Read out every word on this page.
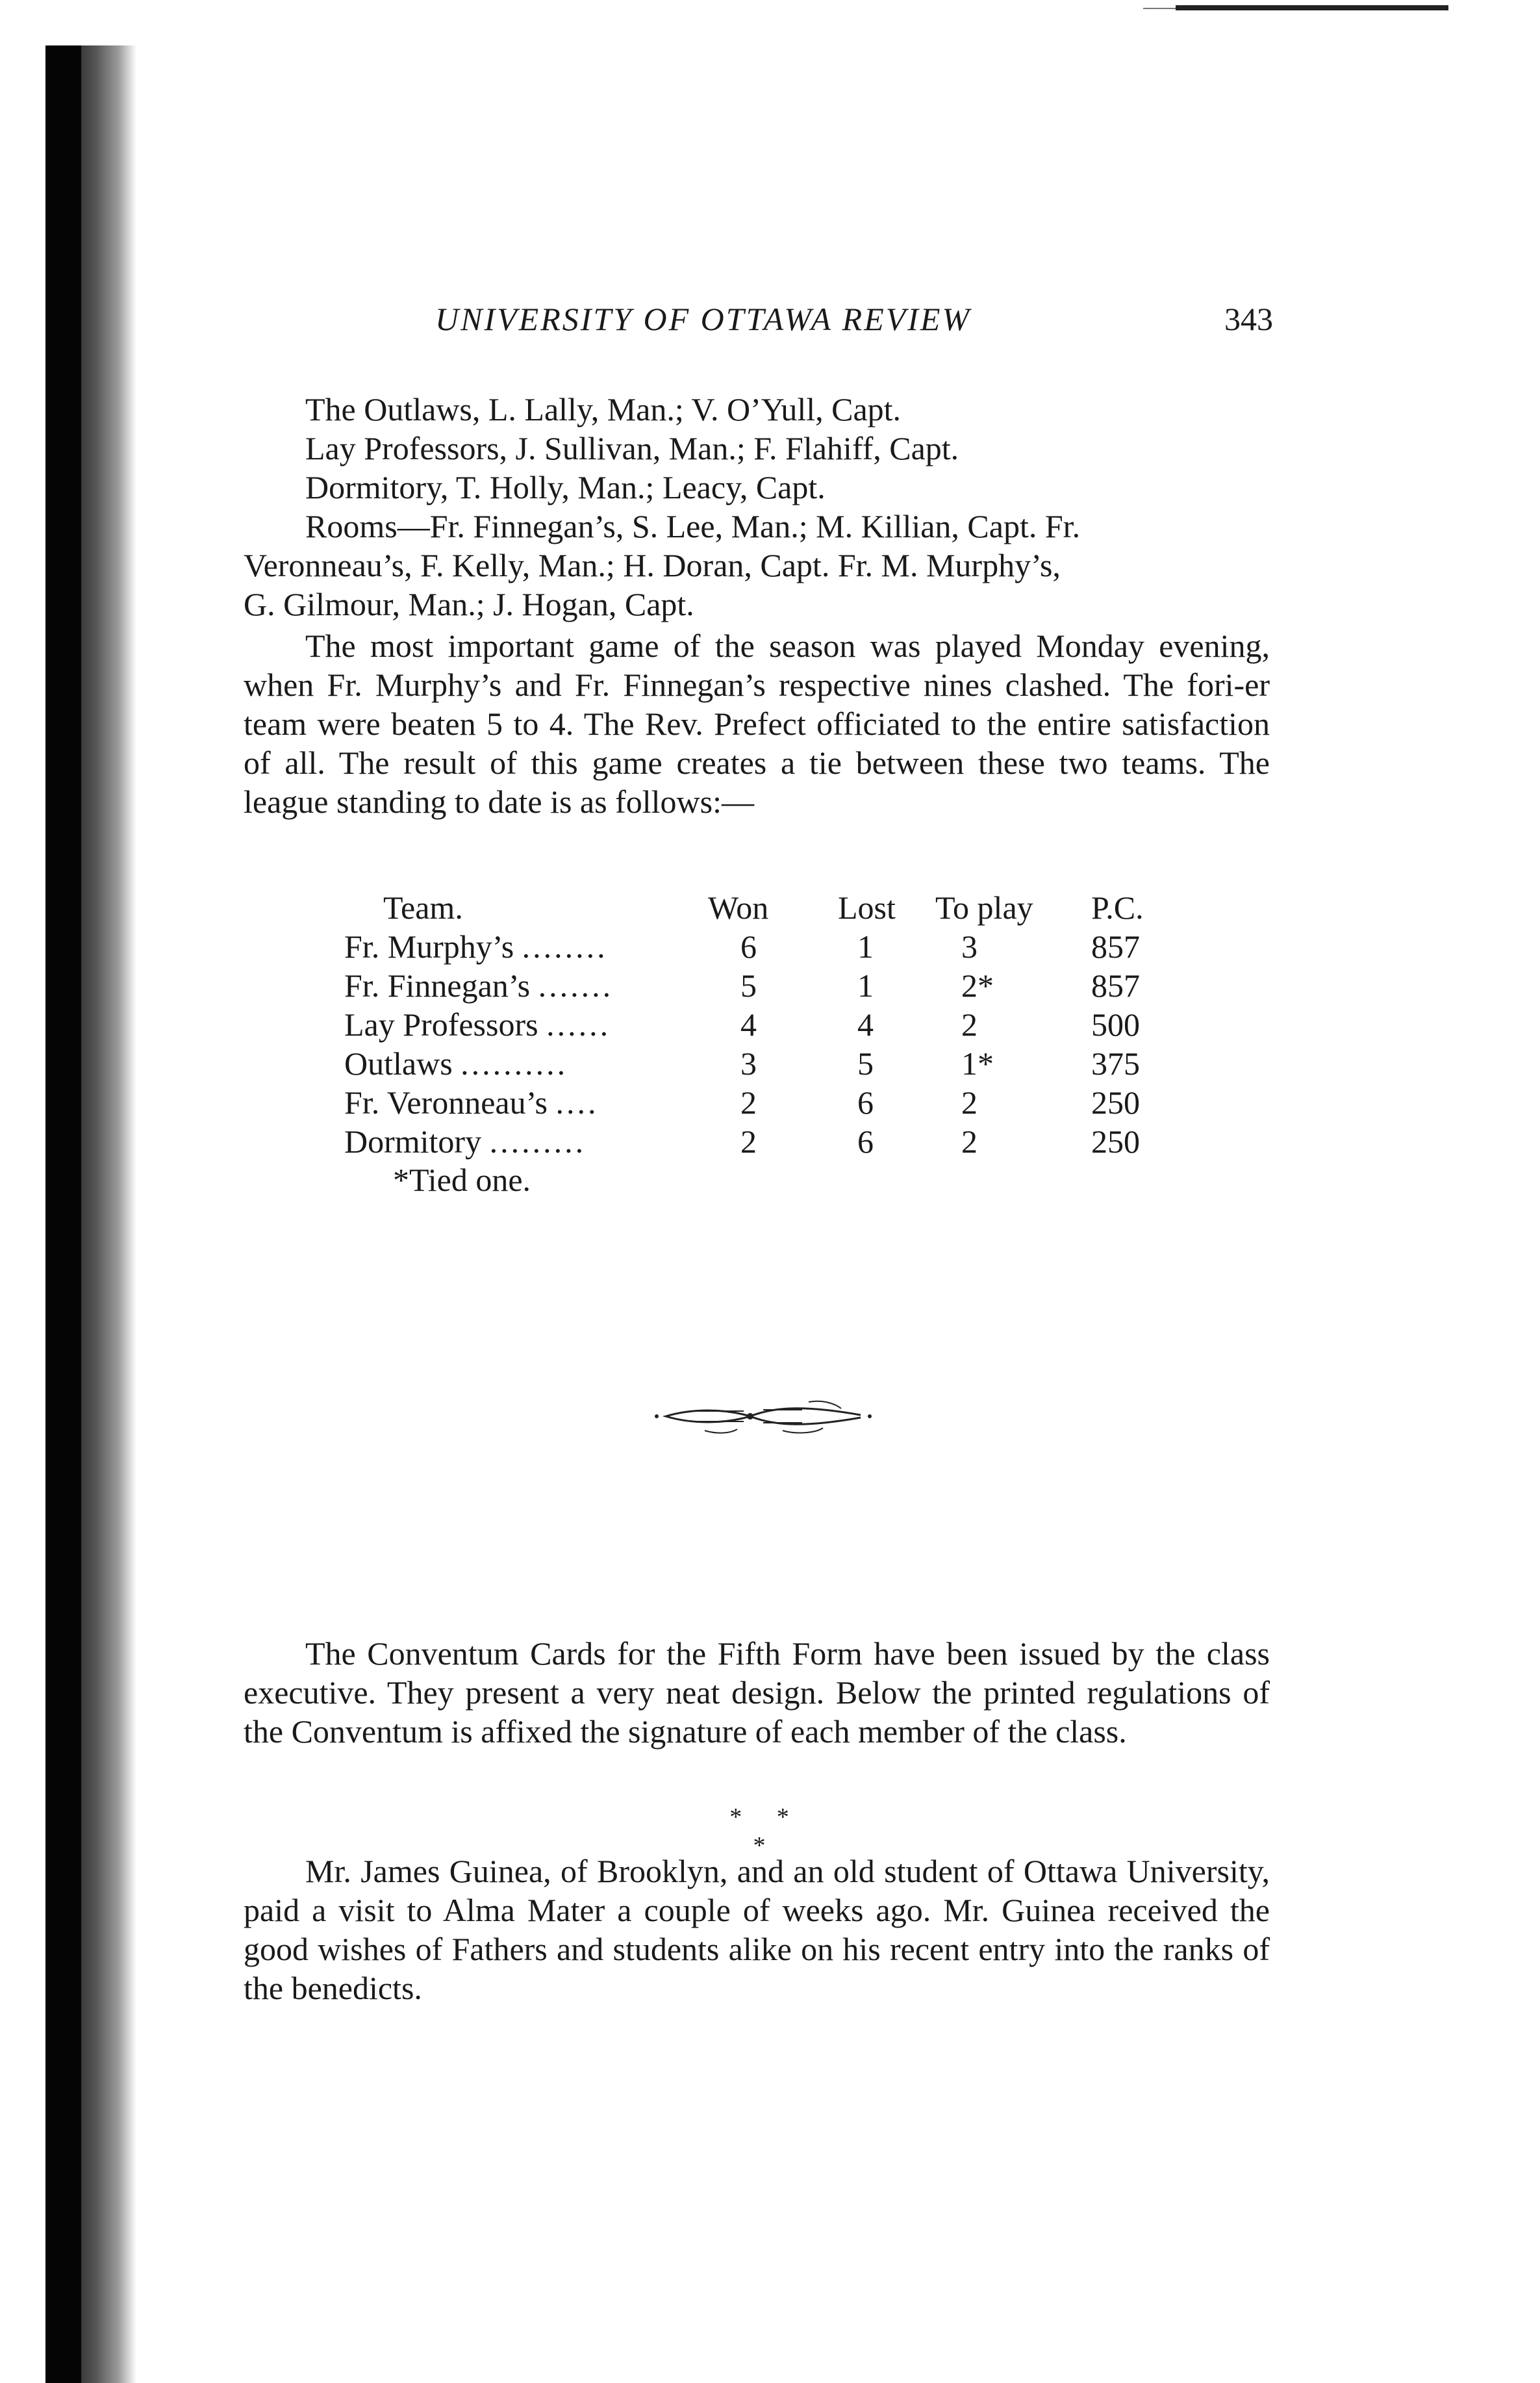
UNIVERSITY OF OTTAWA REVIEW	343
The Outlaws, L. Lally, Man.; V. O’Yull, Capt.
Lay Professors, J. Sullivan, Man.; F. Flahiff, Capt.
Dormitory, T. Holly, Man.; Leacy, Capt.
Rooms—Fr. Finnegan’s, S. Lee, Man.; M. Killian, Capt. Fr.
Veronneau’s, F. Kelly, Man.; H. Doran, Capt. Fr. M. Murphy’s,
G. Gilmour, Man.; J. Hogan, Capt.

The most important game of the season was played Monday evening, when Fr. Murphy’s and Fr. Finnegan’s respective nines clashed. The fori‑er team were beaten 5 to 4. The Rev. Prefect officiated to the entire satisfaction of all. The result of this game creates a tie between these two teams. The league standing to date is as follows:—

Team.	Won	Lost	To play	P.C.
Fr. Murphy’s ........	6	1	3	857
Fr. Finnegan’s .......	5	1	2*	857
Lay Professors ......	4	4	2	500
Outlaws ..........	3	5	1*	375
Fr. Veronneau’s ....	2	6	2	250
Dormitory .........	2	6	2	250
*Tied one.

The Conventum Cards for the Fifth Form have been issued by the class executive. They present a very neat design. Below the printed regulations of the Conventum is affixed the signature of each member of the class.

* * *

Mr. James Guinea, of Brooklyn, and an old student of Ottawa University, paid a visit to Alma Mater a couple of weeks ago. Mr. Guinea received the good wishes of Fathers and students alike on his recent entry into the ranks of the benedicts.
